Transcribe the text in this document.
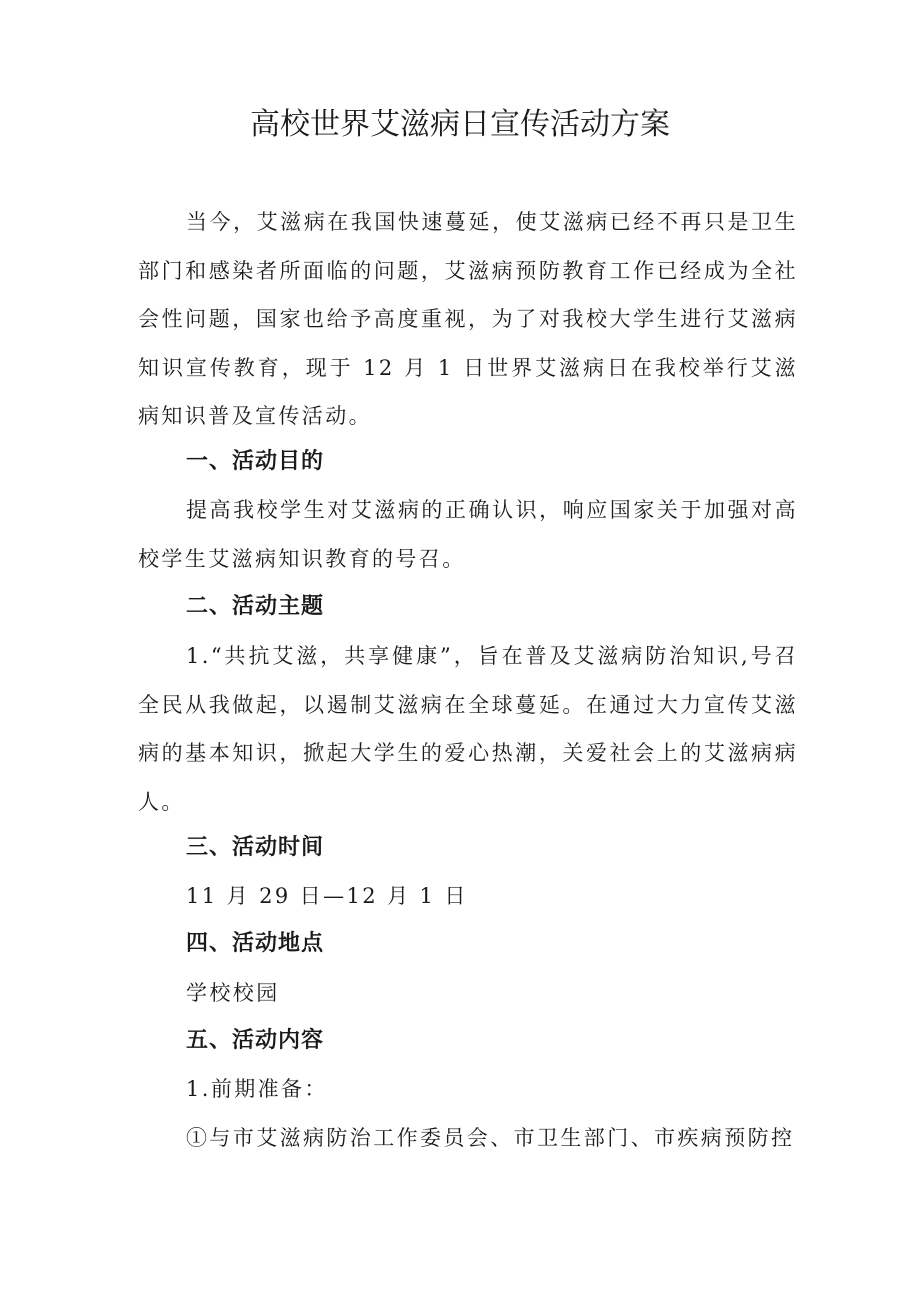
高校世界艾滋病日宣传活动方案

当今，艾滋病在我国快速蔓延，使艾滋病已经不再只是卫生部门和感染者所面临的问题，艾滋病预防教育工作已经成为全社会性问题，国家也给予高度重视，为了对我校大学生进行艾滋病知识宣传教育，现于 12 月 1 日世界艾滋病日在我校举行艾滋病知识普及宣传活动。

一、活动目的

提高我校学生对艾滋病的正确认识，响应国家关于加强对高校学生艾滋病知识教育的号召。

二、活动主题

1.“共抗艾滋，共享健康”，旨在普及艾滋病防治知识,号召全民从我做起，以遏制艾滋病在全球蔓延。在通过大力宣传艾滋病的基本知识，掀起大学生的爱心热潮，关爱社会上的艾滋病病人。

三、活动时间

11 月 29 日—12 月 1 日

四、活动地点

学校校园

五、活动内容

1.前期准备：

①与市艾滋病防治工作委员会、市卫生部门、市疾病预防控
